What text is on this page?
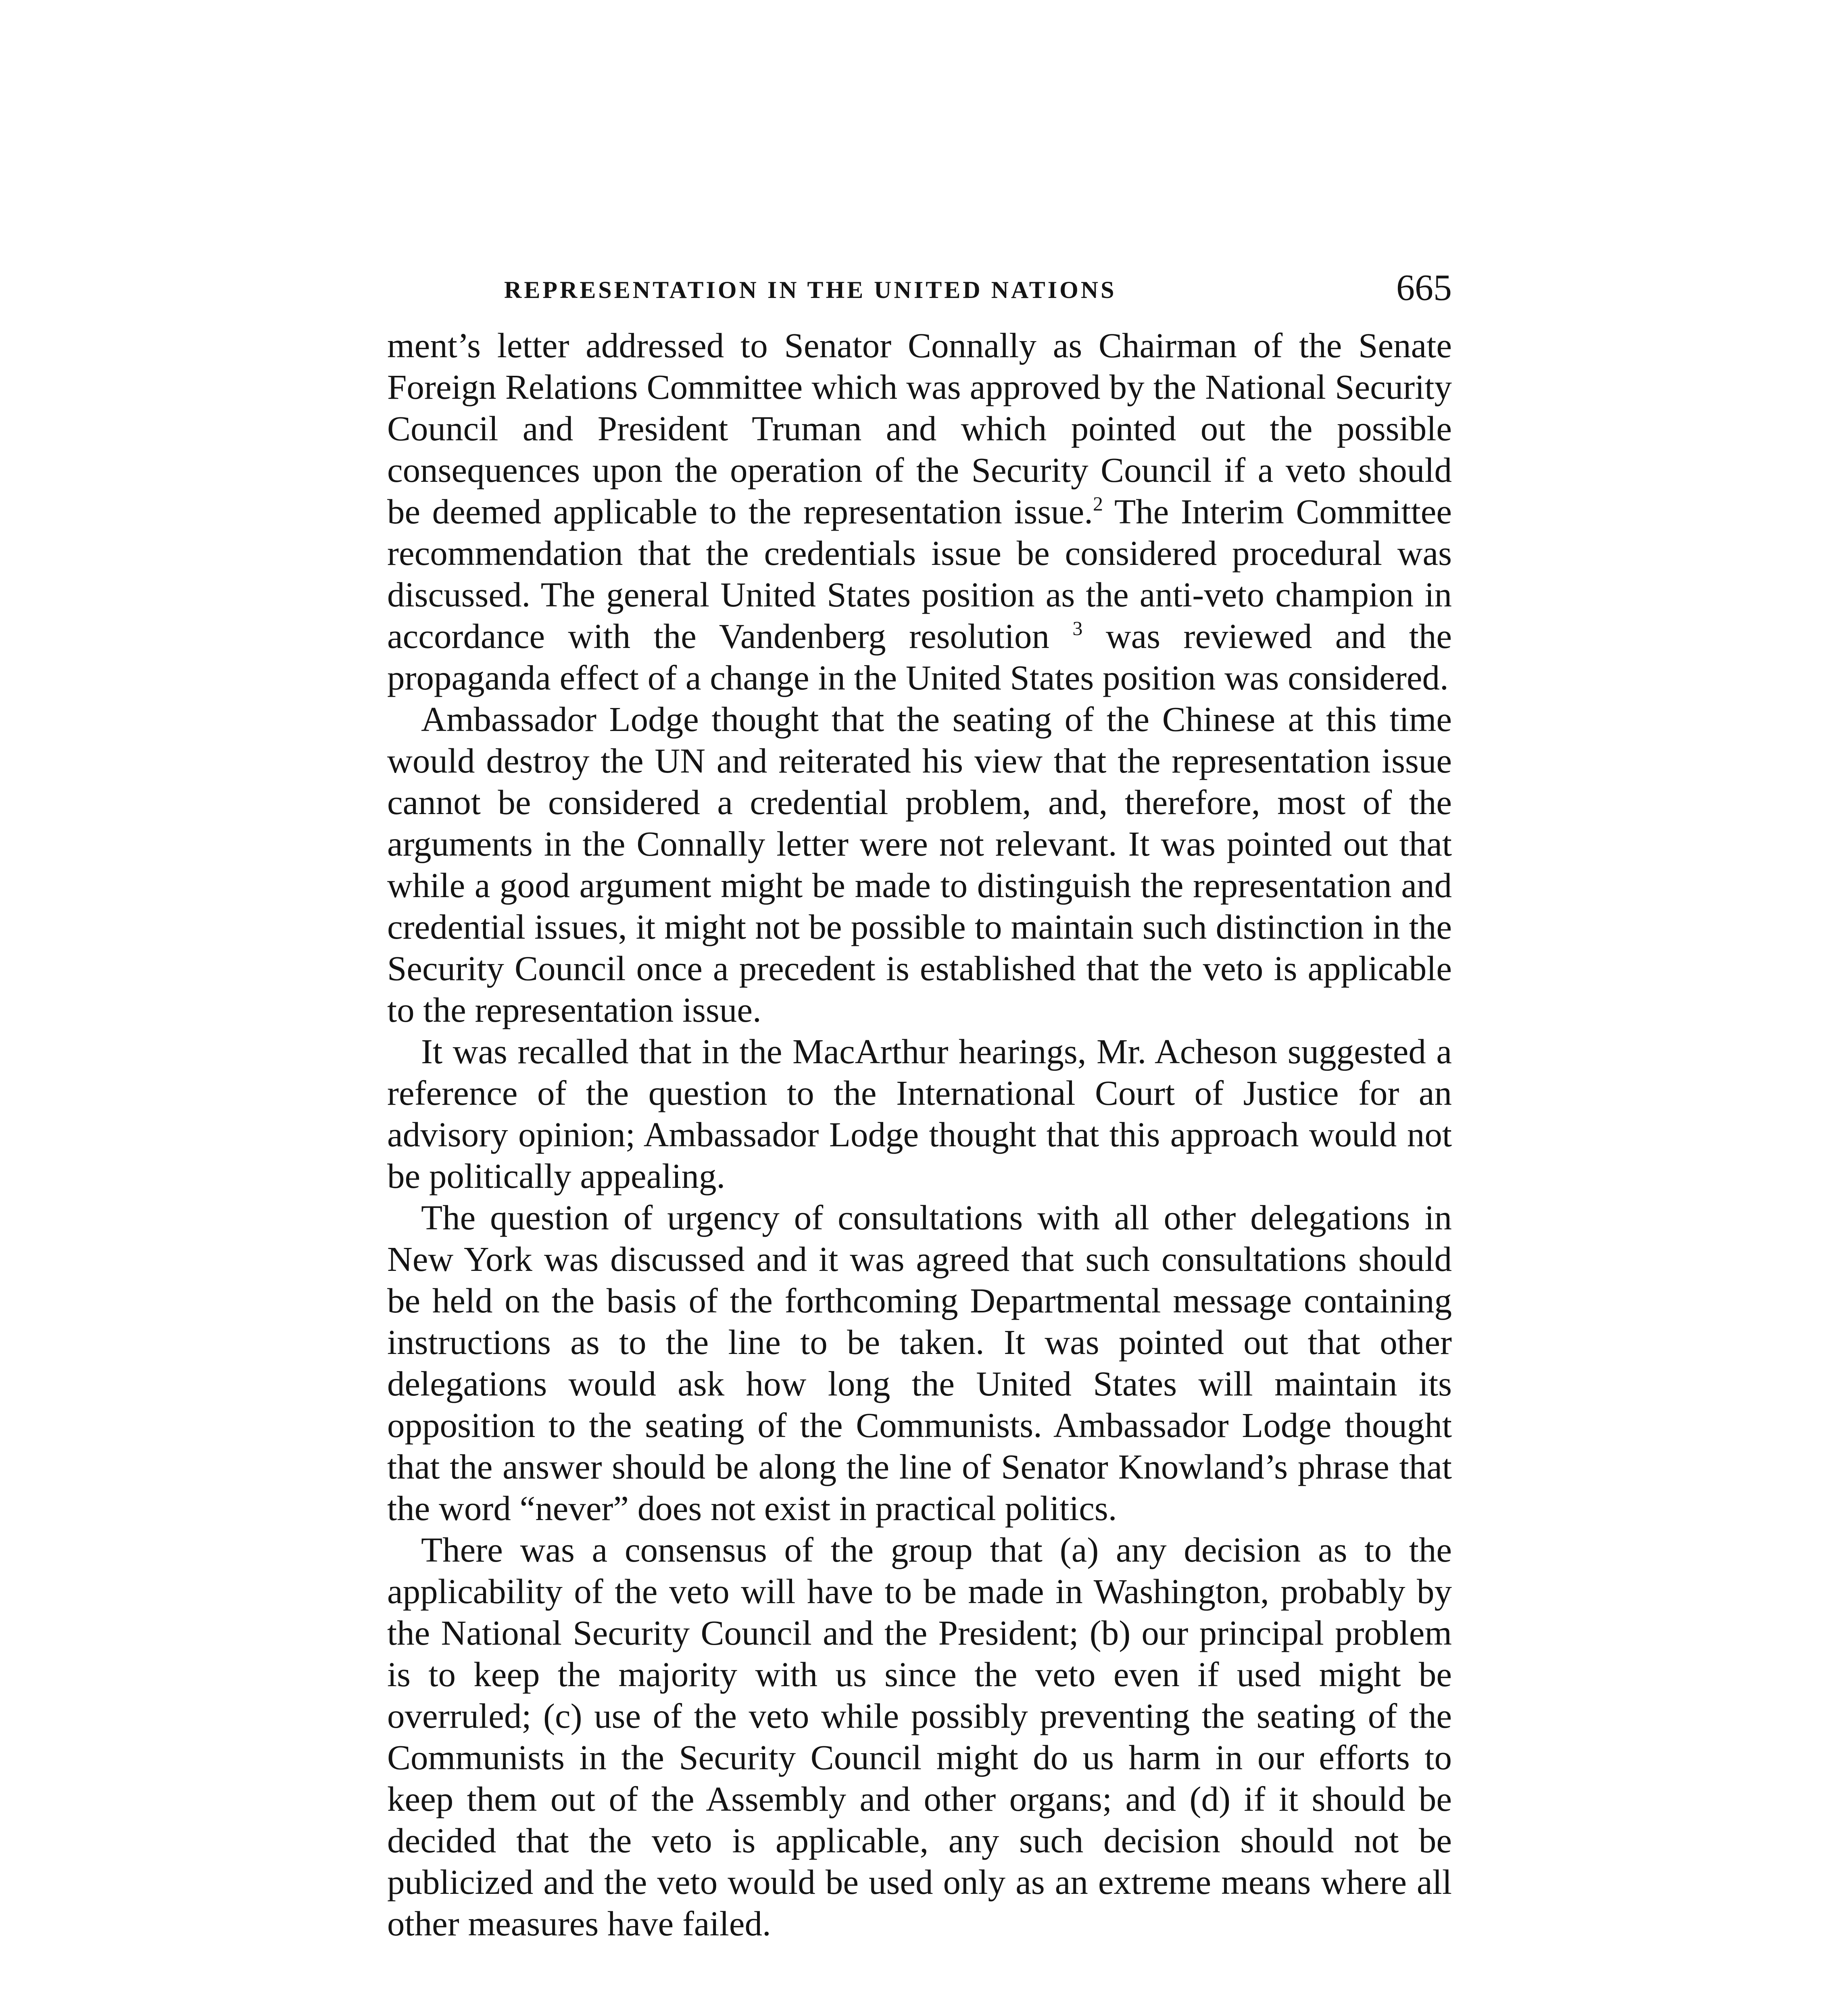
REPRESENTATION IN THE UNITED NATIONS	665

ment’s letter addressed to Senator Connally as Chairman of the Senate Foreign Relations Committee which was approved by the National Security Council and President Truman and which pointed out the possible consequences upon the operation of the Security Council if a veto should be deemed applicable to the representation issue.$^2$ The Interim Committee recommendation that the credentials issue be considered procedural was discussed. The general United States position as the anti-veto champion in accordance with the Vandenberg resolution $^3$ was reviewed and the propaganda effect of a change in the United States position was considered.

Ambassador Lodge thought that the seating of the Chinese at this time would destroy the UN and reiterated his view that the representation issue cannot be considered a credential problem, and, therefore, most of the arguments in the Connally letter were not relevant. It was pointed out that while a good argument might be made to distinguish the representation and credential issues, it might not be possible to maintain such distinction in the Security Council once a precedent is established that the veto is applicable to the representation issue.

It was recalled that in the MacArthur hearings, Mr. Acheson suggested a reference of the question to the International Court of Justice for an advisory opinion; Ambassador Lodge thought that this approach would not be politically appealing.

The question of urgency of consultations with all other delegations in New York was discussed and it was agreed that such consultations should be held on the basis of the forthcoming Departmental message containing instructions as to the line to be taken. It was pointed out that other delegations would ask how long the United States will maintain its opposition to the seating of the Communists. Ambassador Lodge thought that the answer should be along the line of Senator Knowland’s phrase that the word “never” does not exist in practical politics.

There was a consensus of the group that (a) any decision as to the applicability of the veto will have to be made in Washington, probably by the National Security Council and the President; (b) our principal problem is to keep the majority with us since the veto even if used might be overruled; (c) use of the veto while possibly preventing the seating of the Communists in the Security Council might do us harm in our efforts to keep them out of the Assembly and other organs; and (d) if it should be decided that the veto is applicable, any such decision should not be publicized and the veto would be used only as an extreme means where all other measures have failed.
